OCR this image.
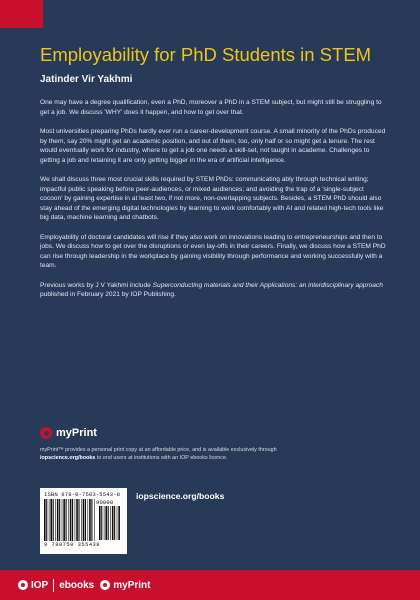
Employability for PhD Students in STEM
Jatinder Vir Yakhmi

One may have a degree qualification, even a PhD, moreover a PhD in a STEM subject, but might still be struggling to get a job. We discuss 'WHY' does it happen, and how to get over that.

Most universities preparing PhDs hardly ever run a career-development course. A small minority of the PhDs produced by them, say 20% might get an academic position, and out of them, too, only half or so might get a tenure. The rest would eventually work for industry, where to get a job one needs a skill-set, not taught in academe. Challenges to getting a job and retaining it are only getting bigger in the era of artificial intelligence.

We shall discuss three most crucial skills required by STEM PhDs: communicating ably through technical writing; impactful public speaking before peer-audiences, or mixed audiences; and avoiding the trap of a 'single-subject cocoon' by gaining expertise in at least two, if not more, non-overlapping subjects. Besides, a STEM PhD should also stay ahead of the emerging digital technologies by learning to work comfortably with AI and related high-tech tools like big data, machine learning and chatbots.

Employability of doctoral candidates will rise if they also work on innovations leading to entrepreneurships and then to jobs. We discuss how to get over the disruptions or even lay-offs in their careers. Finally, we discuss how a STEM PhD can rise through leadership in the workplace by gaining visibility through performance and working successfully with a team.

Previous works by J V Yakhmi include Superconducting materials and their Applications: an interdisciplinary approach published in February 2021 by IOP Publishing.

myPrint
myPrint™ provides a personal print copy at an affordable price, and is available exclusively through
iopscience.org/books to end users at institutions with an IOP ebooks licence.
ISBN 978-0-7503-5543-8
90000
9 780750 355438
iopscience.org/books
IOP ebooks myPrint
